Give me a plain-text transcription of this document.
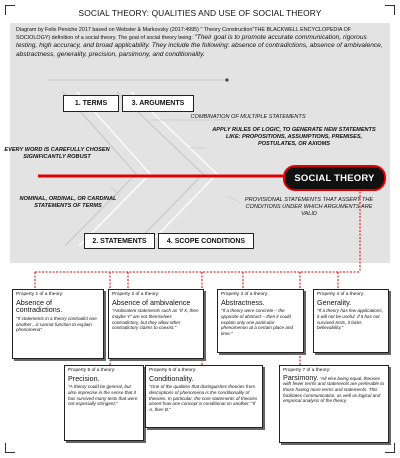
SOCIAL THEORY: QUALITIES AND USE OF SOCIAL THEORY
Diagram by Felix Peniche 2017 based on Webster & Markovsky (2017:4995) " Theory Construction"THE BLACKWELL ENCYCLOPEDIA OF SOCIOLOGY) definition of a social theory. The goal of social theory being: "Their goal is to promote accurate communication, rigorous testing, high accuracy, and broad applicability. They include the following: absence of contradictions, absence of ambivalence, abstractness, generality, precision, parsimony, and conditionality.
1. TERMS	3. ARGUMENTS
2. STATEMENTS	4. SCOPE CONDITIONS
COMBINATION OF MULTIPLE STATEMENTS
APPLY RULES OF LOGIC, TO GENERATE NEW STATEMENTS LIKE: PROPOSITIONS, ASSUMPTIONS, PREMISES, POSTULATES, OR AXIOMS
EVERY WORD IS CAREFULLY CHOSEN SIGNIFICANTLY ROBUST
NOMINAL, ORDINAL, OR CARDINAL STATEMENTS OF TERMS
PROVISIONAL STATEMENTS THAT ASSERT THE CONDITIONS UNDER WHICH ARGUMENTS ARE VALID
SOCIAL THEORY
Property 1 of a theory:
Absence of contradictions.
"If statements in a theory contradict one another…it cannot function to explain phenomena"
Property 2 of a theory:
Absence of ambivalence
"Ambivalent statements such as "If X, then maybe Y" are not themselves contradictory, but they allow other contradictory claims to coexist."
Property 3 of a theory:
Abstractness.
"If a theory were concrete – the opposite of abstract – then it could explain only one particular phenomenon at a certain place and time."
Property 4 of a theory:
Generality.
"If a theory has few applications, it will not be useful. If it has not survived tests, it lacks believability."
Property 5 of a theory:
Precision.
"A theory could be general, but also imprecise in the sense that it has survived many tests that were not especially stringent."
Property 6 of a theory:
Conditionality.
"One of the qualities that distinguishes theories from descriptions of phenomena is the conditionality of theories. In particular, the core statements of theories assert how one concept is conditional on another: "If A, then B."
Property 7 of a theory:
Parsimony. "All else being equal, theories with fewer terms and statements are preferable to those having more terms and statements. This facilitates communication, as well as logical and empirical analysis of the theory.
